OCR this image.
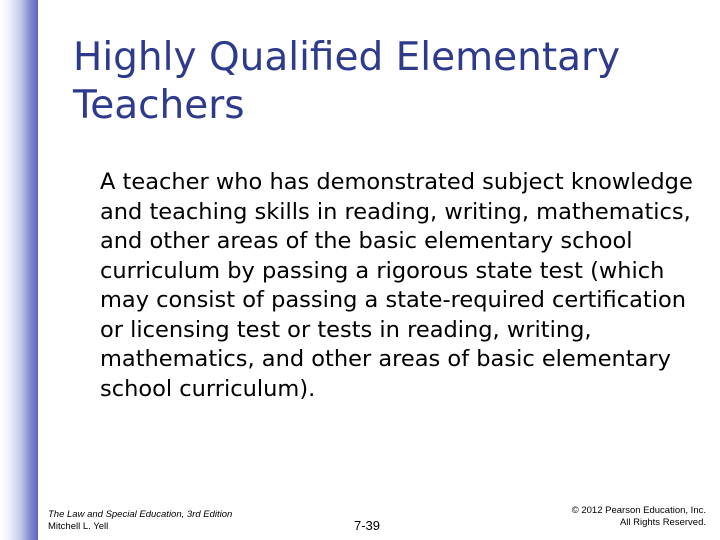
Highly Qualified Elementary Teachers

A teacher who has demonstrated subject knowledge and teaching skills in reading, writing, mathematics, and other areas of the basic elementary school curriculum by passing a rigorous state test (which may consist of passing a state-required certification or licensing test or tests in reading, writing, mathematics, and other areas of basic elementary school curriculum).

The Law and Special Education, 3rd Edition
Mitchell L. Yell	7-39
© 2012 Pearson Education, Inc.
All Rights Reserved.
